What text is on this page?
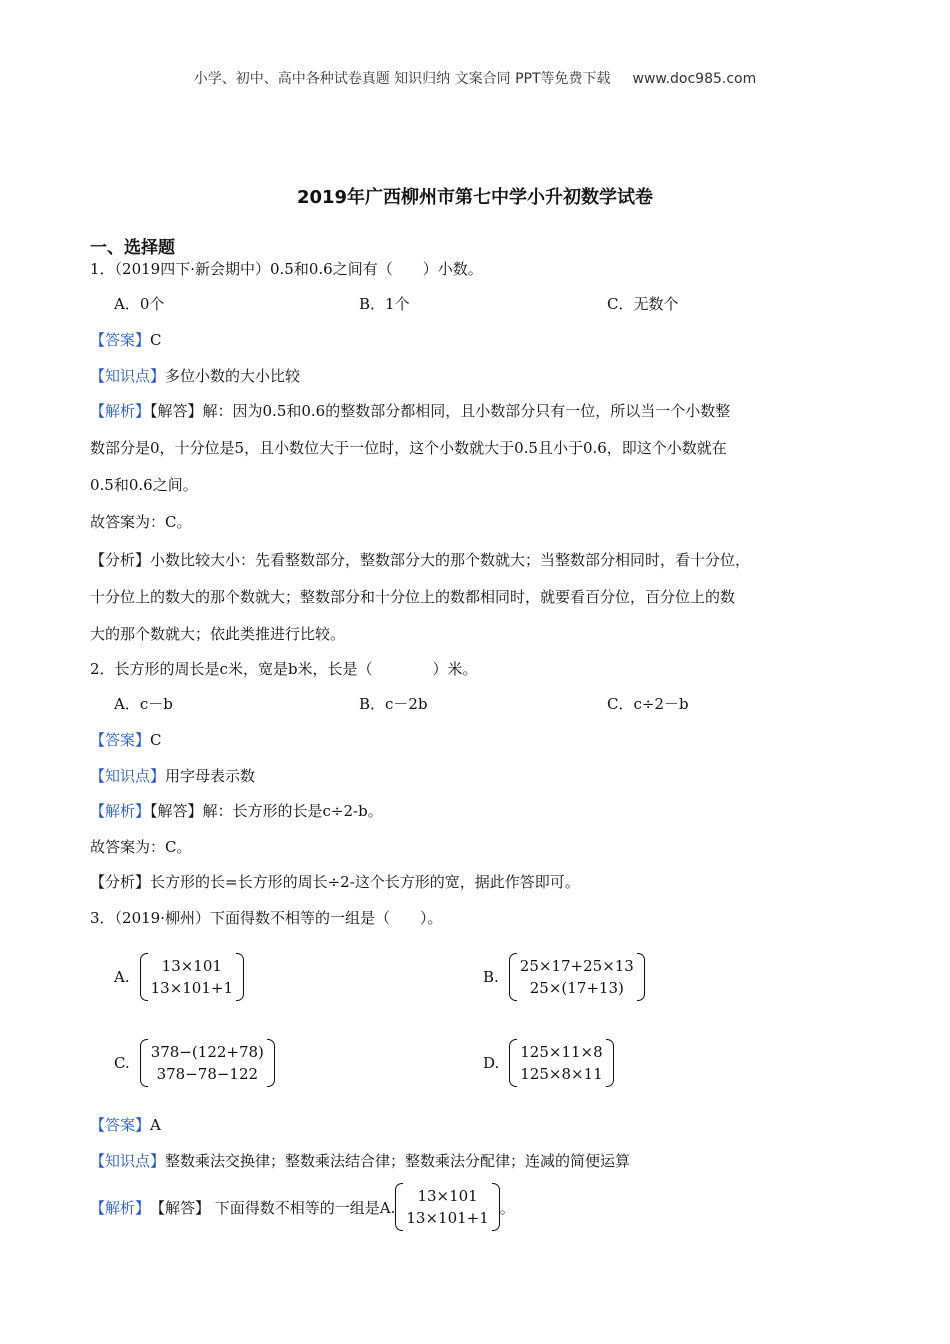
小学、初中、高中各种试卷真题 知识归纳 文案合同 PPT等免费下载 www.doc985.com
2019年广西柳州市第七中学小升初数学试卷
一、选择题
1．（2019四下·新会期中）0.5和0.6之间有（　　）小数。
A．0个	B．1个	C．无数个
【答案】C
【知识点】多位小数的大小比较
【解析】【解答】解：因为0.5和0.6的整数部分都相同，且小数部分只有一位，所以当一个小数整
数部分是0，十分位是5，且小数位大于一位时，这个小数就大于0.5且小于0.6，即这个小数就在
0.5和0.6之间。
故答案为：C。
【分析】小数比较大小：先看整数部分，整数部分大的那个数就大；当整数部分相同时，看十分位，
十分位上的数大的那个数就大；整数部分和十分位上的数都相同时，就要看百分位，百分位上的数
大的那个数就大；依此类推进行比较。
2．长方形的周长是c米，宽是b米，长是（　　　　）米。
A．c－b	B．c－2b	C．c÷2－b
【答案】C
【知识点】用字母表示数
【解析】【解答】解：长方形的长是c÷2-b。
故答案为：C。
【分析】长方形的长=长方形的周长÷2-这个长方形的宽，据此作答即可。
3．（2019·柳州）下面得数不相等的一组是（　　）。
A.
13×101
13×101+1
B.
25×17+25×13
25×(17+13)
C.
378−(122+78)
378−78−122
D.
125×11×8
125×8×11
【答案】A
【知识点】整数乘法交换律；整数乘法结合律；整数乘法分配律；连减的简便运算
【解析】 【解答】 下面得数不相等的一组是A.
13×101
13×101+1
。
